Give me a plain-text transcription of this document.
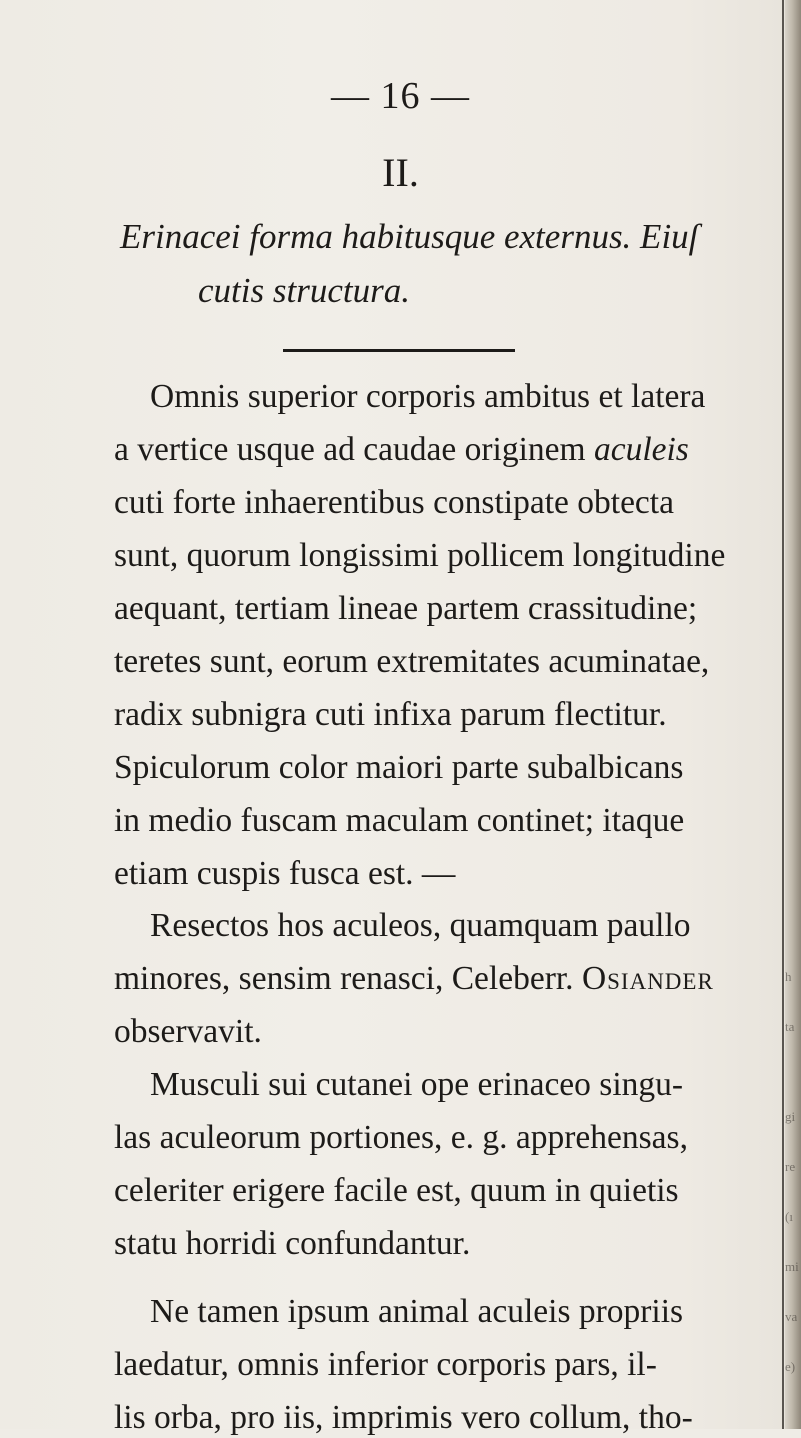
— 16 —
II.
Erinacei forma habitusque externus. Eiuſ
cutis structura.
Omnis superior corporis ambitus et latera
a vertice usque ad caudae originem aculeis
cuti forte inhaerentibus constipate obtecta
sunt, quorum longissimi pollicem longitudine
aequant, tertiam lineae partem crassitudine;
teretes sunt, eorum extremitates acuminatae,
radix subnigra cuti infixa parum flectitur.
Spiculorum color maiori parte subalbicans
in medio fuscam maculam continet; itaque
etiam cuspis fusca est. —
Resectos hos aculeos, quamquam paullo
minores, sensim renasci, Celeberr. Osiander
observavit.
Musculi sui cutanei ope erinaceo singu-
las aculeorum portiones, e. g. apprehensas,
celeriter erigere facile est, quum in quietis
statu horridi confundantur.
Ne tamen ipsum animal aculeis propriis
laedatur, omnis inferior corporis pars, il-
lis orba, pro iis, imprimis vero collum, tho-
h
ta
gi
re
(ı
mi
va
e)
